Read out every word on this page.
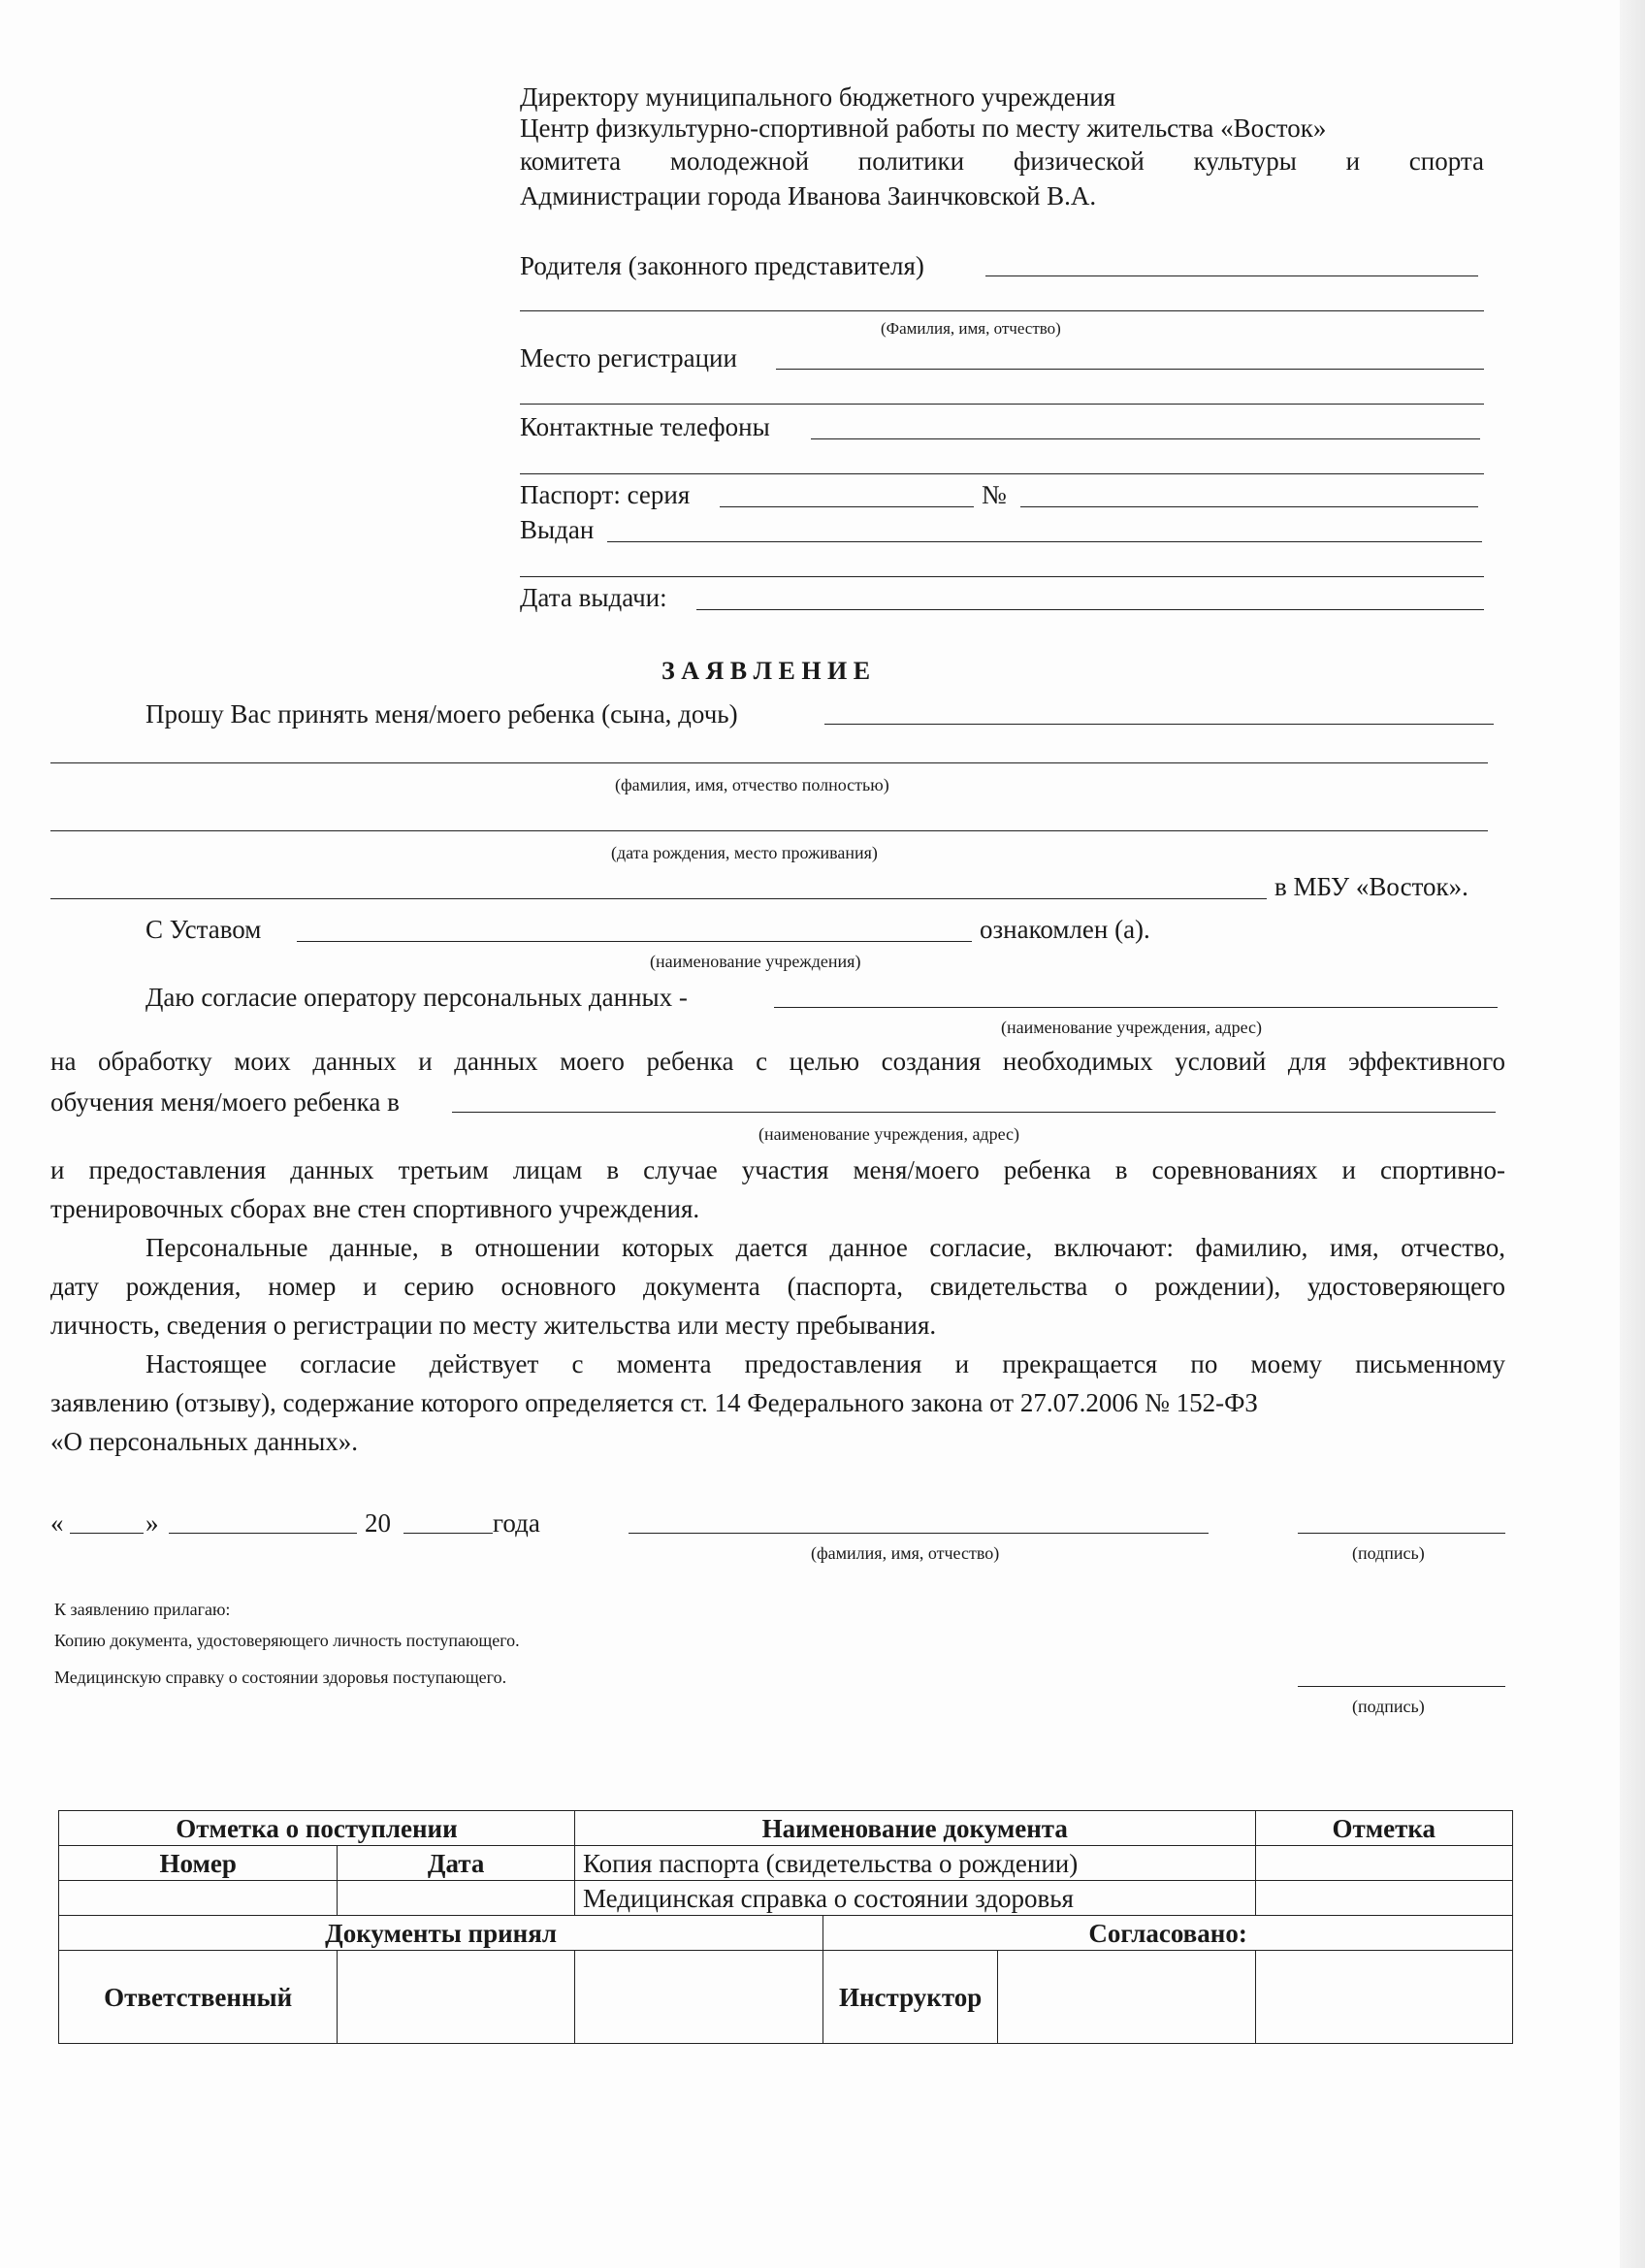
Директору муниципального бюджетного учреждения
Центр физкультурно-спортивной работы по месту жительства «Восток»
комитета молодежной политики физической культуры и спорта
Администрации города Иванова Заинчковской В.А.
Родителя (законного представителя)
(Фамилия, имя, отчество)
Место регистрации
Контактные телефоны
Паспорт: серия	№
Выдан
Дата выдачи:
З А Я В Л Е Н И Е
Прошу Вас принять меня/моего ребенка (сына, дочь)
(фамилия, имя, отчество полностью)
(дата рождения, место проживания)
в МБУ «Восток».
С Уставом	ознакомлен (а).
(наименование учреждения)
Даю согласие оператору персональных данных -
(наименование учреждения, адрес)
на обработку моих данных и данных моего ребенка с целью создания необходимых условий для эффективного
обучения меня/моего ребенка в
(наименование учреждения, адрес)
и предоставления данных третьим лицам в случае участия меня/моего ребенка в соревнованиях и спортивно-
тренировочных сборах вне стен спортивного учреждения.
Персональные данные, в отношении которых дается данное согласие, включают: фамилию, имя, отчество,
дату рождения, номер и серию основного документа (паспорта, свидетельства о рождении), удостоверяющего
личность, сведения о регистрации по месту жительства или месту пребывания.
Настоящее согласие действует с момента предоставления и прекращается по моему письменному
заявлению (отзыву), содержание которого определяется ст. 14 Федерального закона от 27.07.2006 № 152-ФЗ
«О персональных данных».
«	»	20	года
(фамилия, имя, отчество)	(подпись)
К заявлению прилагаю:
Копию документа, удостоверяющего личность поступающего.
Медицинскую справку о состоянии здоровья поступающего.
(подпись)
Отметка о поступлении		Наименование документа			Отметка
Номер	Дата	Копия паспорта (свидетельства о рождении)			
		Медицинская справка о состоянии здоровья			
Документы принял			Согласовано:		
Ответственный			Инструктор		
